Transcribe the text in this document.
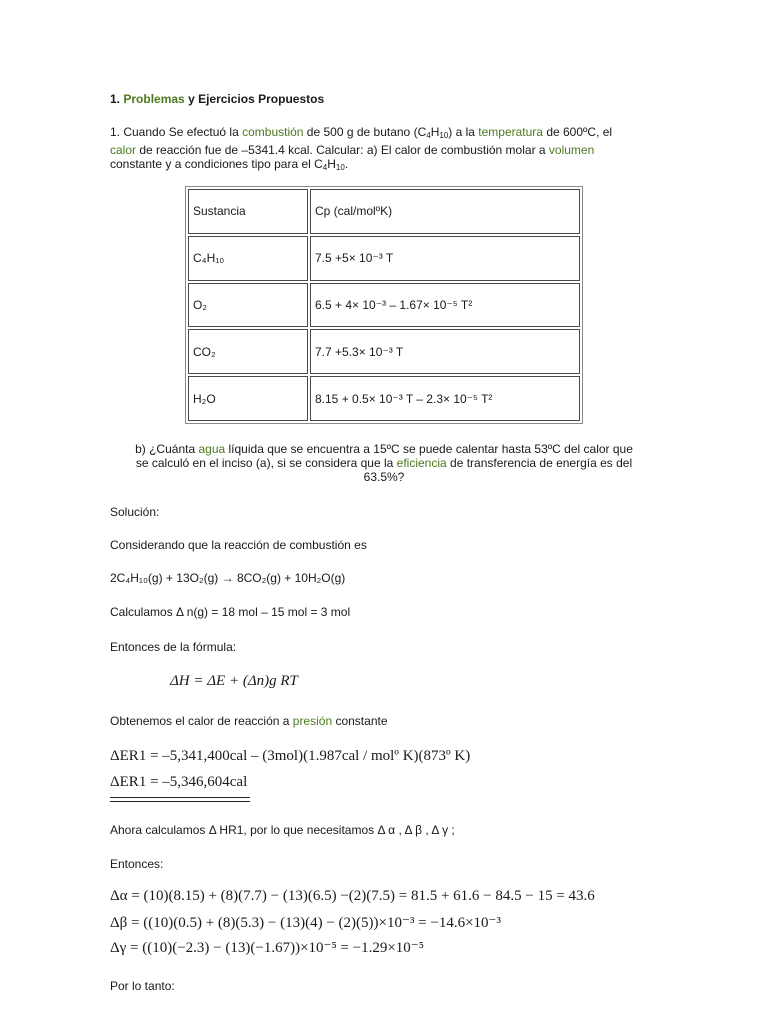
1. Problemas y Ejercicios Propuestos
1. Cuando Se efectuó la combustión de 500 g de butano $(C_4H_{10})$ a la temperatura de 600ºC, el
calor de reacción fue de –5341.4 kcal. Calcular: a) El calor de combustión molar a volumen
constante y a condiciones tipo para el $C_4H_{10}$.
Sustancia	Cp (cal/molºK)
C₄H₁₀	7.5 +5× 10⁻³ T
O₂	6.5 + 4× 10⁻³ – 1.67× 10⁻⁵ T²
CO₂	7.7 +5.3× 10⁻³ T
H₂O	8.15 + 0.5× 10⁻³ T – 2.3× 10⁻⁵ T²
b) ¿Cuánta agua líquida que se encuentra a 15ºC se puede calentar hasta 53ºC del calor que
se calculó en el inciso (a), si se considera que la eficiencia de transferencia de energía es del
63.5%?
Solución:
Considerando que la reacción de combustión es
2C₄H₁₀(g) + 13O₂(g) → 8CO₂(g) + 10H₂O(g)
Calculamos Δ n(g) = 18 mol – 15 mol = 3 mol
Entonces de la fórmula:
ΔH = ΔE + (Δn)g RT
Obtenemos el calor de reacción a presión constante
ΔER1 = –5,341,400cal – (3mol)(1.987cal / molº K)(873º K)
ΔER1 = –5,346,604cal
Ahora calculamos Δ HR1, por lo que necesitamos Δ α , Δ β , Δ γ ;
Entonces:
Δα = (10)(8.15) + (8)(7.7) − (13)(6.5) −(2)(7.5) = 81.5 + 61.6 − 84.5 − 15 = 43.6
Δβ = ((10)(0.5) + (8)(5.3) − (13)(4) − (2)(5))×10⁻³ = −14.6×10⁻³
Δγ = ((10)(−2.3) − (13)(−1.67))×10⁻⁵ = −1.29×10⁻⁵
Por lo tanto:
